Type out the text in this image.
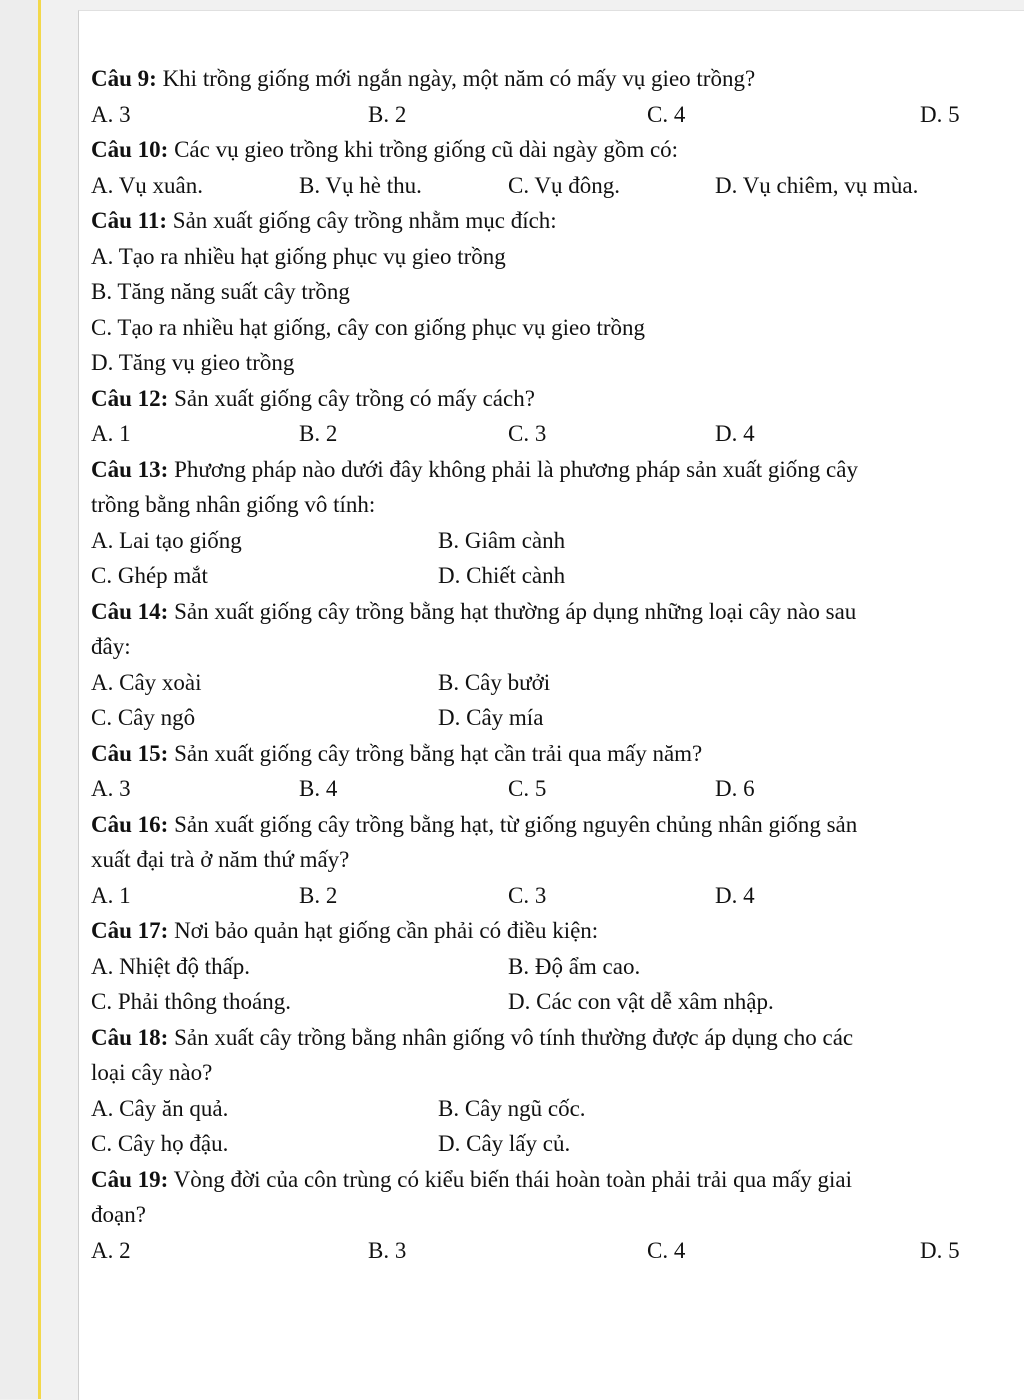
Câu 9: Khi trồng giống mới ngắn ngày, một năm có mấy vụ gieo trồng?
A. 3	B. 2	C. 4	D. 5
Câu 10: Các vụ gieo trồng khi trồng giống cũ dài ngày gồm có:
A. Vụ xuân.	B. Vụ hè thu.	C. Vụ đông.	D. Vụ chiêm, vụ mùa.
Câu 11: Sản xuất giống cây trồng nhằm mục đích:
A. Tạo ra nhiều hạt giống phục vụ gieo trồng
B. Tăng năng suất cây trồng
C. Tạo ra nhiều hạt giống, cây con giống phục vụ gieo trồng
D. Tăng vụ gieo trồng
Câu 12: Sản xuất giống cây trồng có mấy cách?
A. 1	B. 2	C. 3	D. 4
Câu 13: Phương pháp nào dưới đây không phải là phương pháp sản xuất giống cây
trồng bằng nhân giống vô tính:
A. Lai tạo giống	B. Giâm cành
C. Ghép mắt	D. Chiết cành
Câu 14: Sản xuất giống cây trồng bằng hạt thường áp dụng những loại cây nào sau
đây:
A. Cây xoài	B. Cây bưởi
C. Cây ngô	D. Cây mía
Câu 15: Sản xuất giống cây trồng bằng hạt cần trải qua mấy năm?
A. 3	B. 4	C. 5	D. 6
Câu 16: Sản xuất giống cây trồng bằng hạt, từ giống nguyên chủng nhân giống sản
xuất đại trà ở năm thứ mấy?
A. 1	B. 2	C. 3	D. 4
Câu 17: Nơi bảo quản hạt giống cần phải có điều kiện:
A. Nhiệt độ thấp.	B. Độ ẩm cao.
C. Phải thông thoáng.	D. Các con vật dễ xâm nhập.
Câu 18: Sản xuất cây trồng bằng nhân giống vô tính thường được áp dụng cho các
loại cây nào?
A. Cây ăn quả.	B. Cây ngũ cốc.
C. Cây họ đậu.	D. Cây lấy củ.
Câu 19: Vòng đời của côn trùng có kiểu biến thái hoàn toàn phải trải qua mấy giai
đoạn?
A. 2	B. 3	C. 4	D. 5
